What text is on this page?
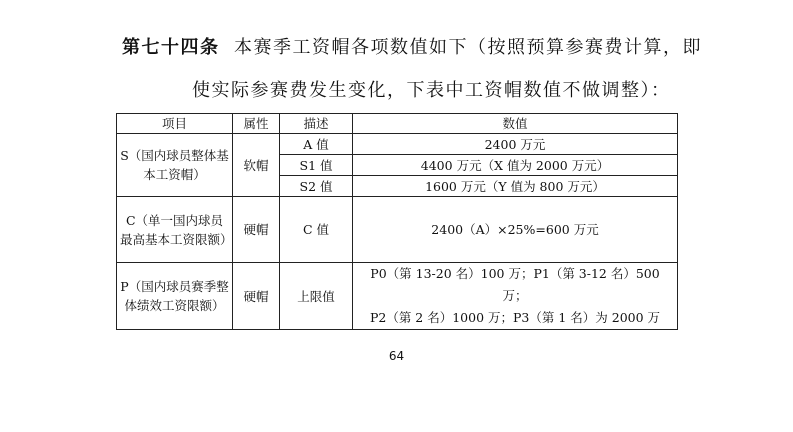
第七十四条 本赛季工资帽各项数值如下（按照预算参赛费计算，即
使实际参赛费发生变化，下表中工资帽数值不做调整）：
项目	属性	描述	数值
S（国内球员整体基本工资帽）	软帽	A 值	2400 万元
		S1 值	4400 万元（X 值为 2000 万元）
		S2 值	1600 万元（Y 值为 800 万元）
C（单一国内球员最高基本工资限额）	硬帽	C 值	2400（A）×25%=600 万元
P（国内球员赛季整体绩效工资限额）	硬帽	上限值	P0（第 13-20 名）100 万；P1（第 3-12 名）500 万；
P2（第 2 名）1000 万；P3（第 1 名）为 2000 万
64
